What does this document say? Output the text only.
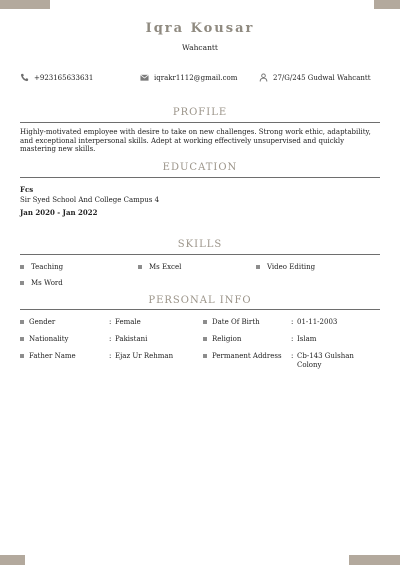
Iqra Kousar
Wahcantt
+923165633631	iqrakr1112@gmail.com	27/G/245 Gudwal Wahcantt
PROFILE
Highly-motivated employee with desire to take on new challenges. Strong work ethic, adaptability, and exceptional interpersonal skills. Adept at working effectively unsupervised and quickly mastering new skills.
EDUCATION
Fcs
Sir Syed School And College Campus 4
Jan 2020 - Jan 2022
SKILLS
Teaching	Ms Excel	Video Editing
Ms Word
PERSONAL INFO
Gender	: Female	Date Of Birth	: 01-11-2003
Nationality	: Pakistani	Religion	: Islam
Father Name	: Ejaz Ur Rehman	Permanent Address : Cb-143 Gulshan Colony
